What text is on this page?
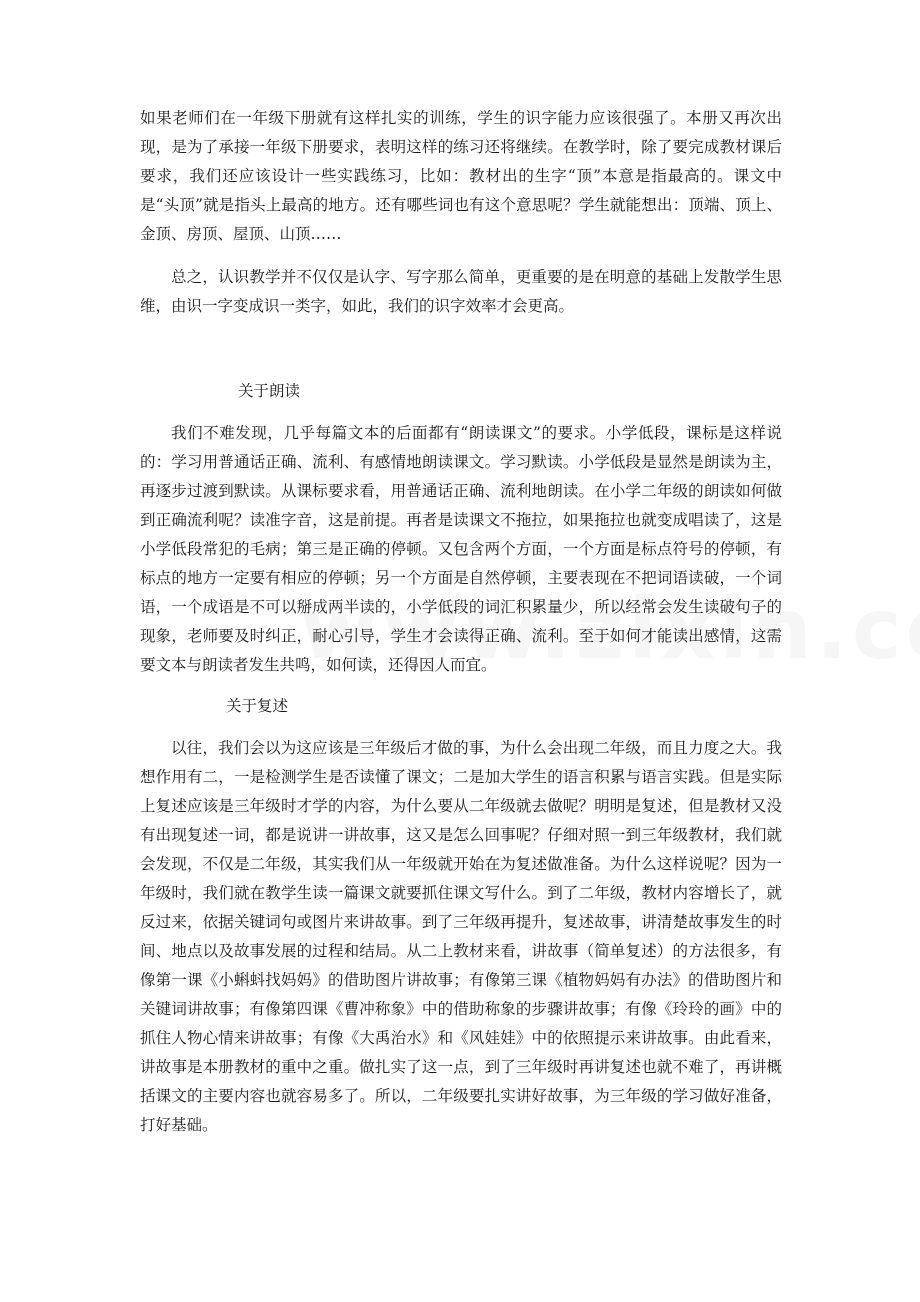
如果老师们在一年级下册就有这样扎实的训练，学生的识字能力应该很强了。本册又再次出现，是为了承接一年级下册要求，表明这样的练习还将继续。在教学时，除了要完成教材课后要求，我们还应该设计一些实践练习，比如：教材出的生字“顶”本意是指最高的。课文中是“头顶”就是指头上最高的地方。还有哪些词也有这个意思呢？学生就能想出：顶端、顶上、金顶、房顶、屋顶、山顶……

总之，认识教学并不仅仅是认字、写字那么简单，更重要的是在明意的基础上发散学生思维，由识一字变成识一类字，如此，我们的识字效率才会更高。

关于朗读

我们不难发现，几乎每篇文本的后面都有“朗读课文”的要求。小学低段，课标是这样说的：学习用普通话正确、流利、有感情地朗读课文。学习默读。小学低段是显然是朗读为主，再逐步过渡到默读。从课标要求看，用普通话正确、流利地朗读。在小学二年级的朗读如何做到正确流利呢？读准字音，这是前提。再者是读课文不拖拉，如果拖拉也就变成唱读了，这是小学低段常犯的毛病；第三是正确的停顿。又包含两个方面，一个方面是标点符号的停顿，有标点的地方一定要有相应的停顿；另一个方面是自然停顿，主要表现在不把词语读破，一个词语，一个成语是不可以掰成两半读的，小学低段的词汇积累量少，所以经常会发生读破句子的现象，老师要及时纠正，耐心引导，学生才会读得正确、流利。至于如何才能读出感情，这需要文本与朗读者发生共鸣，如何读，还得因人而宜。

关于复述

以往，我们会以为这应该是三年级后才做的事，为什么会出现二年级，而且力度之大。我想作用有二，一是检测学生是否读懂了课文；二是加大学生的语言积累与语言实践。但是实际上复述应该是三年级时才学的内容，为什么要从二年级就去做呢？明明是复述，但是教材又没有出现复述一词，都是说讲一讲故事，这又是怎么回事呢？仔细对照一到三年级教材，我们就会发现，不仅是二年级，其实我们从一年级就开始在为复述做准备。为什么这样说呢？因为一年级时，我们就在教学生读一篇课文就要抓住课文写什么。到了二年级，教材内容增长了，就反过来，依据关键词句或图片来讲故事。到了三年级再提升，复述故事，讲清楚故事发生的时间、地点以及故事发展的过程和结局。从二上教材来看，讲故事（简单复述）的方法很多，有像第一课《小蝌蚪找妈妈》的借助图片讲故事；有像第三课《植物妈妈有办法》的借助图片和关键词讲故事；有像第四课《曹冲称象》中的借助称象的步骤讲故事；有像《玲玲的画》中的抓住人物心情来讲故事；有像《大禹治水》和《风娃娃》中的依照提示来讲故事。由此看来，讲故事是本册教材的重中之重。做扎实了这一点，到了三年级时再讲复述也就不难了，再讲概括课文的主要内容也就容易多了。所以，二年级要扎实讲好故事，为三年级的学习做好准备，打好基础。
